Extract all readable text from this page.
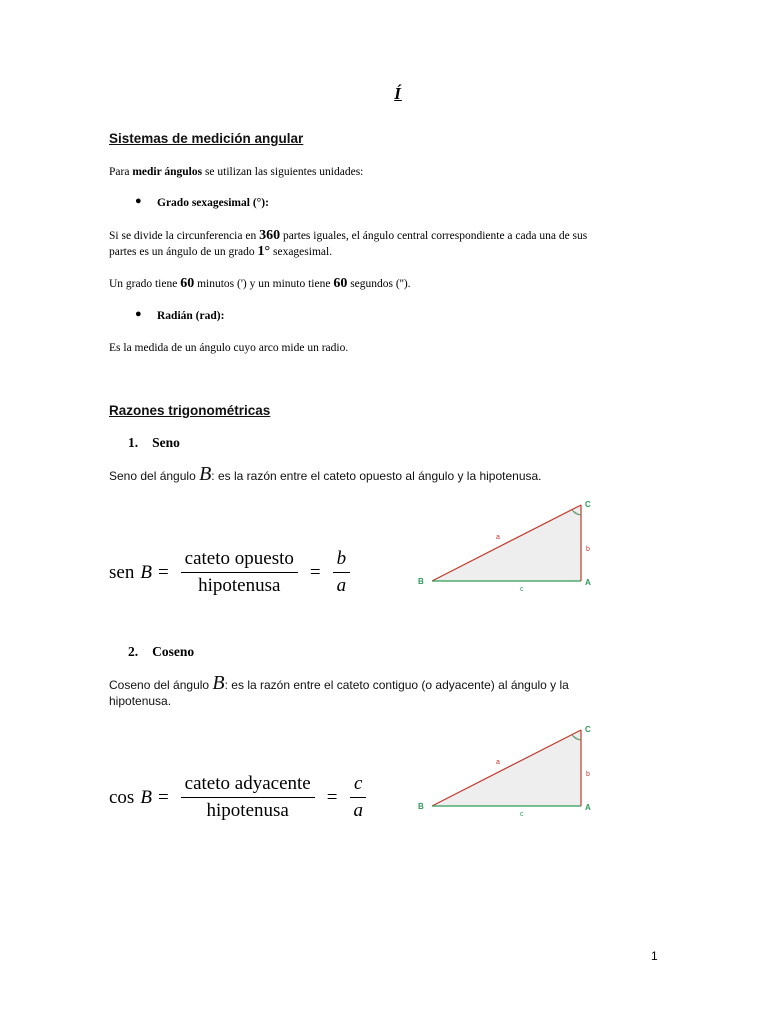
Í
Sistemas de medición angular
Para medir ángulos se utilizan las siguientes unidades:
● Grado sexagesimal (°):
Si se divide la circunferencia en 360 partes iguales, el ángulo central correspondiente a cada una de sus
partes es un ángulo de un grado 1° sexagesimal.
Un grado tiene 60 minutos (') y un minuto tiene 60 segundos ('').
● Radián (rad):
Es la medida de un ángulo cuyo arco mide un radio.
Razones trigonométricas
1. Seno
Seno del ángulo B: es la razón entre el cateto opuesto al ángulo y la hipotenusa.
sen $B = \frac{\text{cateto opuesto}}{\text{hipotenusa}} = \frac{b}{a}$	B	A
C
a
b
c
2. Coseno
Coseno del ángulo B: es la razón entre el cateto contiguo (o adyacente) al ángulo y la
hipotenusa.
$\cos B = \frac{\text{cateto adyacente}}{\text{hipotenusa}} = \frac{c}{a}$	B	A
C
a
b
c
1
